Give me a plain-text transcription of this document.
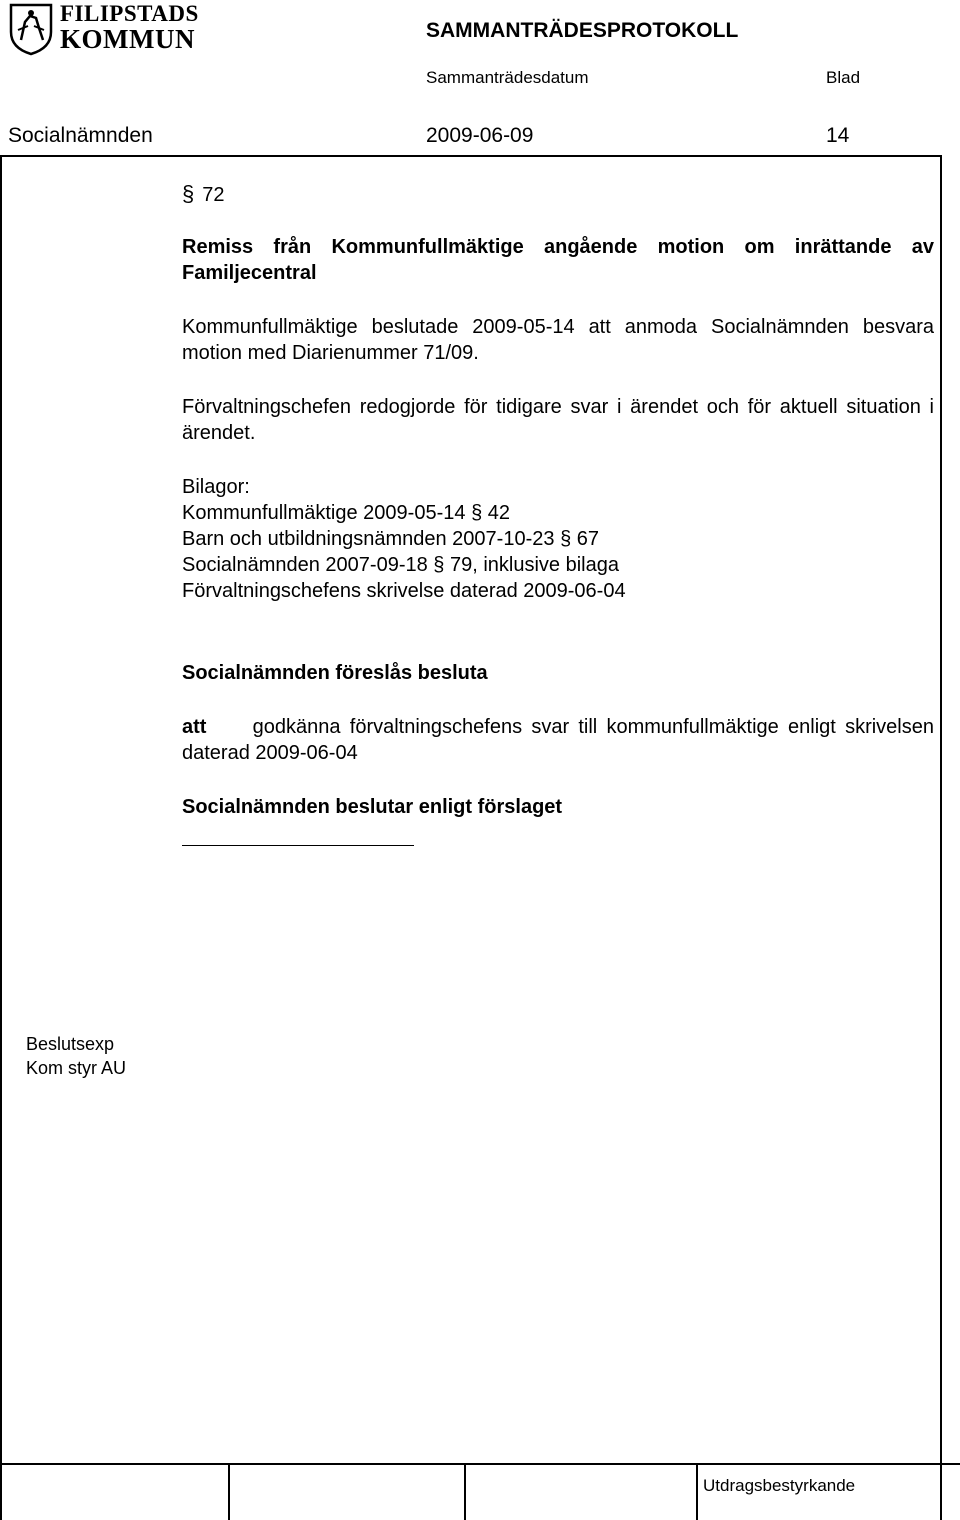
FILIPSTADS
KOMMUN	SAMMANTRÄDESPROTOKOLL
Sammanträdesdatum	Blad
Socialnämnden	2009-06-09	14
§ 72

Remiss från Kommunfullmäktige angående motion om inrättande av Familjecentral

Kommunfullmäktige beslutade 2009-05-14 att anmoda Socialnämnden besvara motion med Diarienummer 71/09.

Förvaltningschefen redogjorde för tidigare svar i ärendet och för aktuell situation i ärendet.

Bilagor:
Kommunfullmäktige 2009-05-14 § 42
Barn och utbildningsnämnden 2007-10-23 § 67
Socialnämnden 2007-09-18 § 79, inklusive bilaga
Förvaltningschefens skrivelse daterad 2009-06-04
Socialnämnden föreslås besluta

att godkänna förvaltningschefens svar till kommunfullmäktige enligt skrivelsen daterad 2009-06-04

Socialnämnden beslutar enligt förslaget
Beslutsexp
Kom styr AU
Utdragsbestyrkande
